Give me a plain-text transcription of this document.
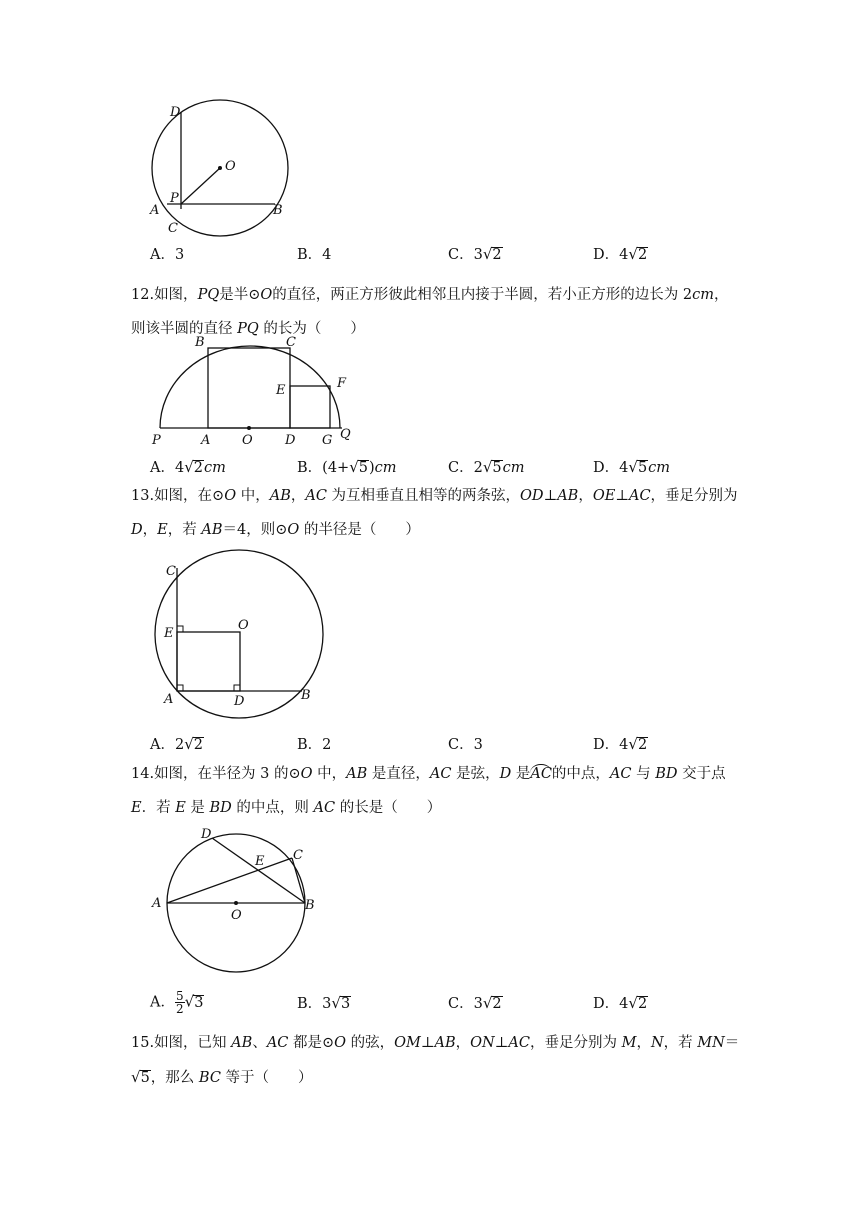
D
O
P
A	B
C
A．3	B．4	C．3√2	D．4√2
12.如图，PQ是半⊙O的直径，两正方形彼此相邻且内接于半圆，若小正方形的边长为 2cm，则该半圆的直径 PQ 的长为（　　）
B	C
E	F
P	A O D G Q
A．4√2cm	B．(4+√5)cm	C．2√5cm	D．4√5cm
13.如图，在⊙O 中，AB，AC 为互相垂直且相等的两条弦，OD⊥AB，OE⊥AC，垂足分别为 D，E，若 AB＝4，则⊙O 的半径是（　　）
C
E
O
A	D	B
A．2√2	B．2	C．3	D．4√2
14.如图，在半径为 3 的⊙O 中，AB 是直径，AC 是弦，D 是AC的中点，AC 与 BD 交于点 E．若 E 是 BD 的中点，则 AC 的长是（　　）
D
E C
A
O
B
A． $\frac{5}{2} √3$	B．3√3	C．3√2	D．4√2
15.如图，已知 AB、AC 都是⊙O 的弦，OM⊥AB，ON⊥AC，垂足分别为 M，N，若 MN＝√5，那么 BC 等于（　　）
